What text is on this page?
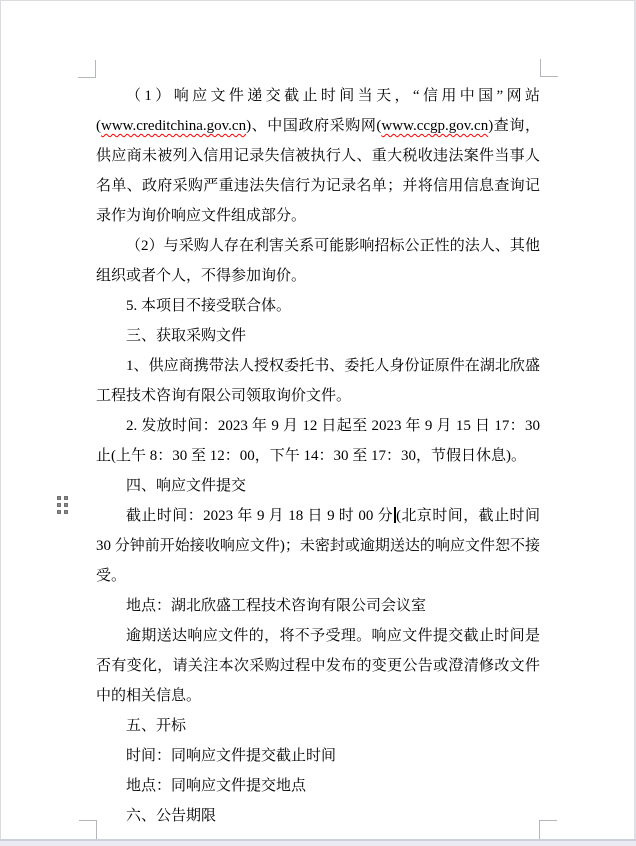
（1）响应文件递交截止时间当天，“信用中国”网站(www.creditchina.gov.cn)、中国政府采购网(www.ccgp.gov.cn)查询，供应商未被列入信用记录失信被执行人、重大税收违法案件当事人名单、政府采购严重违法失信行为记录名单；并将信用信息查询记录作为询价响应文件组成部分。

（2）与采购人存在利害关系可能影响招标公正性的法人、其他组织或者个人，不得参加询价。

5. 本项目不接受联合体。

三、获取采购文件

1、供应商携带法人授权委托书、委托人身份证原件在湖北欣盛工程技术咨询有限公司领取询价文件。

2. 发放时间：2023 年 9 月 12 日起至 2023 年 9 月 15 日 17：30止(上午 8：30 至 12：00，下午 14：30 至 17：30，节假日休息)。

四、响应文件提交

截止时间：2023 年 9 月 18 日 9 时 00 分 (北京时间，截止时间 30 分钟前开始接收响应文件)；未密封或逾期送达的响应文件恕不接受。

地点：湖北欣盛工程技术咨询有限公司会议室

逾期送达响应文件的，将不予受理。响应文件提交截止时间是否有变化，请关注本次采购过程中发布的变更公告或澄清修改文件中的相关信息。

五、开标

时间：同响应文件提交截止时间

地点：同响应文件提交地点

六、公告期限
